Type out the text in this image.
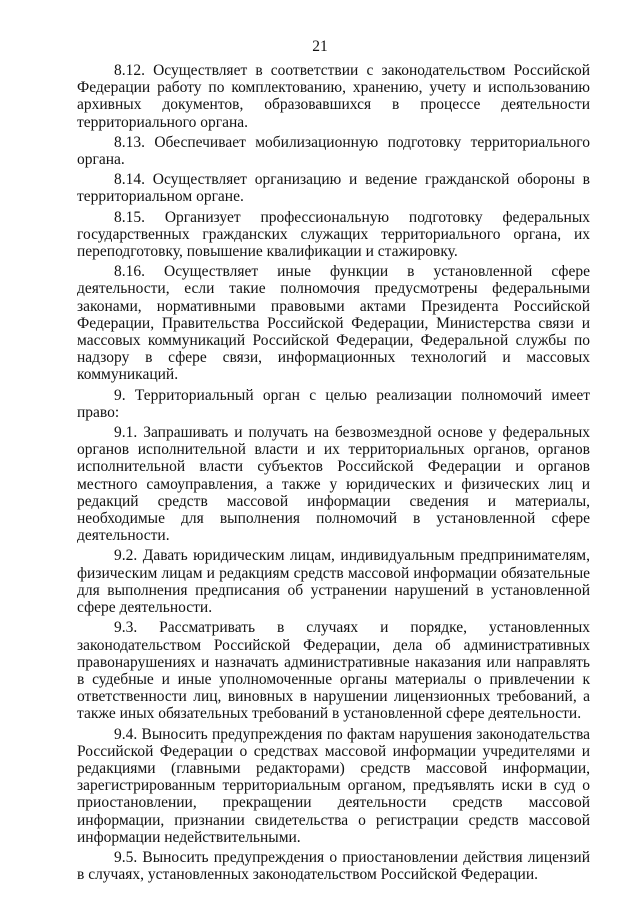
21

8.12. Осуществляет в соответствии с законодательством Российской Федерации работу по комплектованию, хранению, учету и использованию архивных документов, образовавшихся в процессе деятельности территориального органа.

8.13. Обеспечивает мобилизационную подготовку территориального органа.

8.14. Осуществляет организацию и ведение гражданской обороны в территориальном органе.

8.15. Организует профессиональную подготовку федеральных государственных гражданских служащих территориального органа, их переподготовку, повышение квалификации и стажировку.

8.16. Осуществляет иные функции в установленной сфере деятельности, если такие полномочия предусмотрены федеральными законами, нормативными правовыми актами Президента Российской Федерации, Правительства Российской Федерации, Министерства связи и массовых коммуникаций Российской Федерации, Федеральной службы по надзору в сфере связи, информационных технологий и массовых коммуникаций.

9. Территориальный орган с целью реализации полномочий имеет право:

9.1. Запрашивать и получать на безвозмездной основе у федеральных органов исполнительной власти и их территориальных органов, органов исполнительной власти субъектов Российской Федерации и органов местного самоуправления, а также у юридических и физических лиц и редакций средств массовой информации сведения и материалы, необходимые для выполнения полномочий в установленной сфере деятельности.

9.2. Давать юридическим лицам, индивидуальным предпринимателям, физическим лицам и редакциям средств массовой информации обязательные для выполнения предписания об устранении нарушений в установленной сфере деятельности.

9.3. Рассматривать в случаях и порядке, установленных законодательством Российской Федерации, дела об административных правонарушениях и назначать административные наказания или направлять в судебные и иные уполномоченные органы материалы о привлечении к ответственности лиц, виновных в нарушении лицензионных требований, а также иных обязательных требований в установленной сфере деятельности.

9.4. Выносить предупреждения по фактам нарушения законодательства Российской Федерации о средствах массовой информации учредителями и редакциями (главными редакторами) средств массовой информации, зарегистрированным территориальным органом, предъявлять иски в суд о приостановлении, прекращении деятельности средств массовой информации, признании свидетельства о регистрации средств массовой информации недействительными.

9.5. Выносить предупреждения о приостановлении действия лицензий в случаях, установленных законодательством Российской Федерации.
